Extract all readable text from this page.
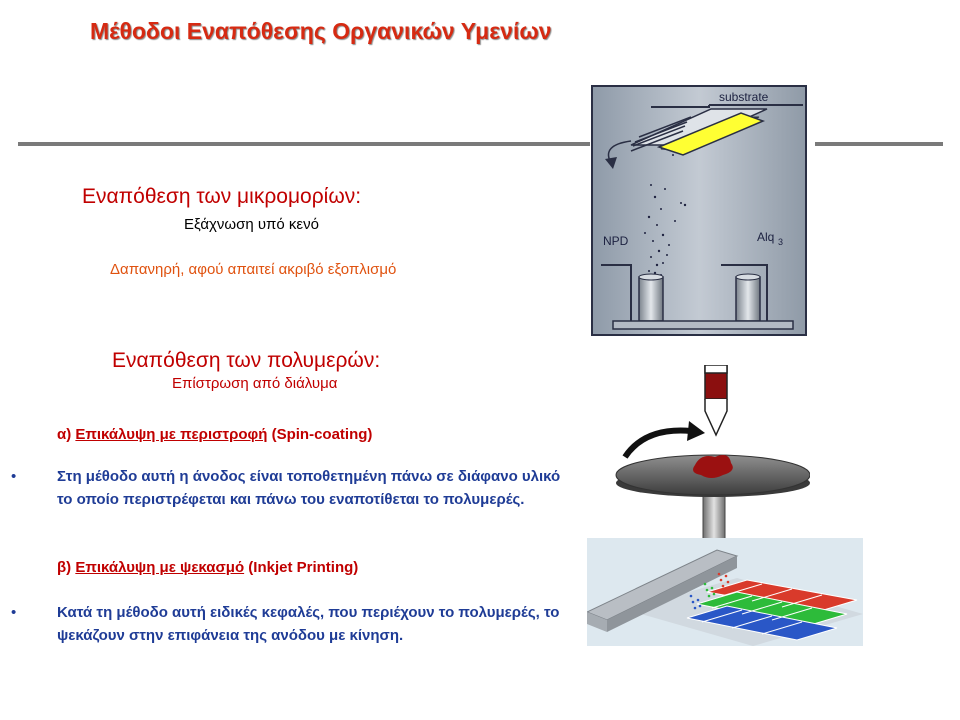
Μέθοδοι Εναπόθεσης Οργανικών Υμενίων
Εναπόθεση των μικρομορίων:
Εξάχνωση υπό κενό
Δαπανηρή, αφού απαιτεί ακριβό εξοπλισμό
Εναπόθεση των πολυμερών:
Επίστρωση από διάλυμα
α) Επικάλυψη με περιστροφή (Spin-coating)
•	Στη μέθοδο αυτή η άνοδος είναι τοποθετημένη πάνω σε διάφανο υλικό το οποίο περιστρέφεται και πάνω του εναποτίθεται το πολυμερές.
β) Επικάλυψη με ψεκασμό (Inkjet Printing)
•	Κατά τη μέθοδο αυτή ειδικές κεφαλές, που περιέχουν το πολυμερές, το ψεκάζουν στην επιφάνεια της ανόδου με κίνηση.
substrate
NPD	Alq 3
